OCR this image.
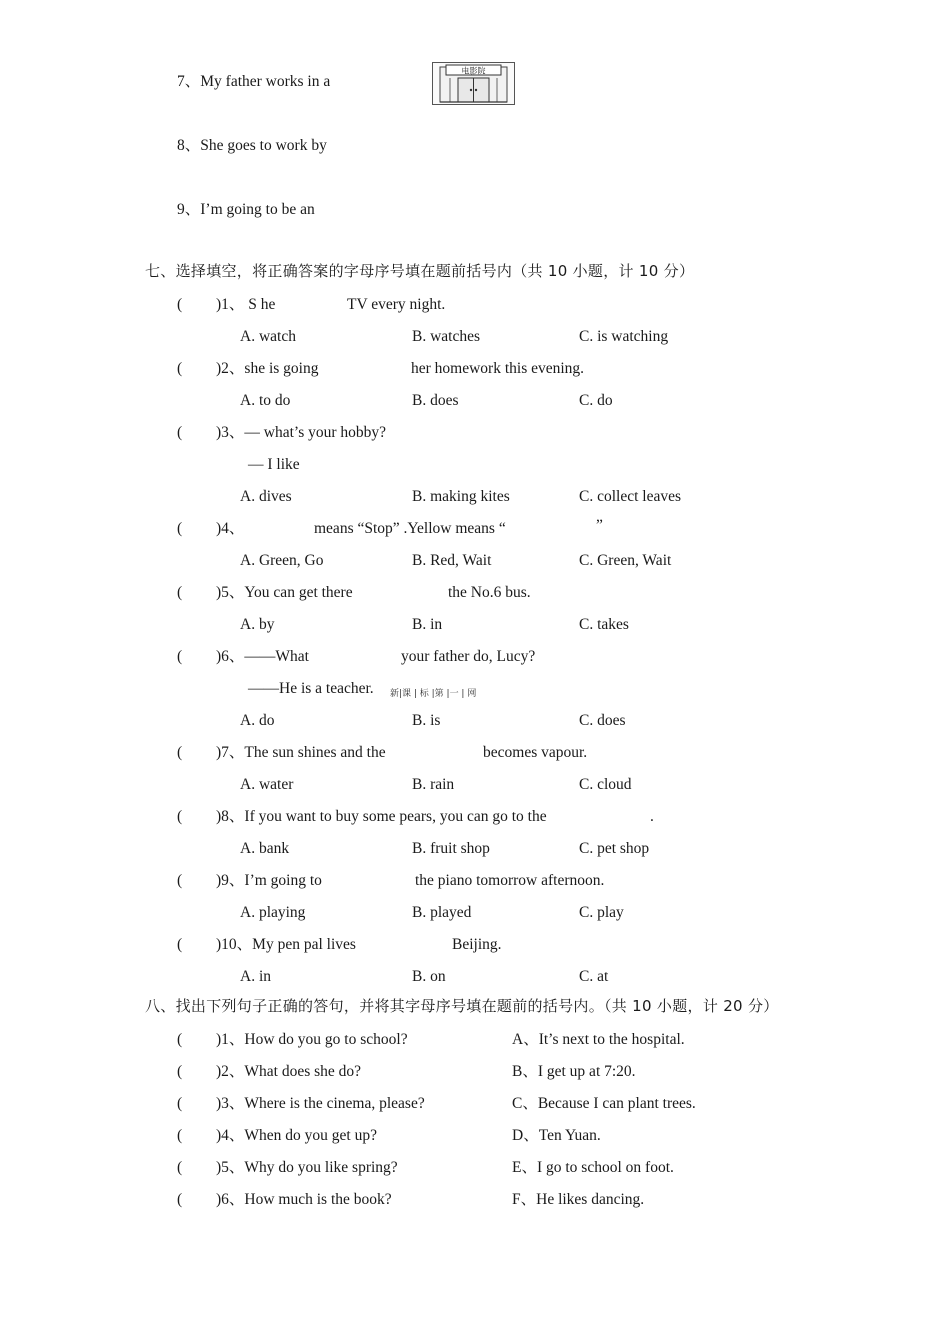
7、My father works in a
电影院
8、She goes to work by
9、I’m going to be an
七、选择填空，将正确答案的字母序号填在题前括号内（共 10 小题，计 10 分）
( )1、 S he	TV every night.
A. watch	B. watches	C. is watching
( )2、she is going	her homework this evening.
A. to do	B. does	C. do
( )3、— what’s your hobby?
— I like
A. dives	B. making kites	C. collect leaves
( )4、	means “Stop” .Yellow means “	”
A. Green, Go	B. Red, Wait	C. Green, Wait
( )5、You can get there	the No.6 bus.
A. by	B. in	C. takes
( )6、——What	your father do, Lucy?
——He is a teacher. 新|课 | 标 |第 |一 | 网
A. do	B. is	C. does
( )7、The sun shines and the	becomes vapour.
A. water	B. rain	C. cloud
( )8、If you want to buy some pears, you can go to the	.
A. bank	B. fruit shop	C. pet shop
( )9、I’m going to	the piano tomorrow afternoon.
A. playing	B. played	C. play
( )10、My pen pal lives	Beijing.
A. in	B. on	C. at
八、找出下列句子正确的答句，并将其字母序号填在题前的括号内。（共 10 小题，计 20 分）
( )1、How do you go to school?	A、It’s next to the hospital.
( )2、What does she do?	B、I get up at 7:20.
( )3、Where is the cinema, please?	C、Because I can plant trees.
( )4、When do you get up?	D、Ten Yuan.
( )5、Why do you like spring?	E、I go to school on foot.
( )6、How much is the book?	F、He likes dancing.
